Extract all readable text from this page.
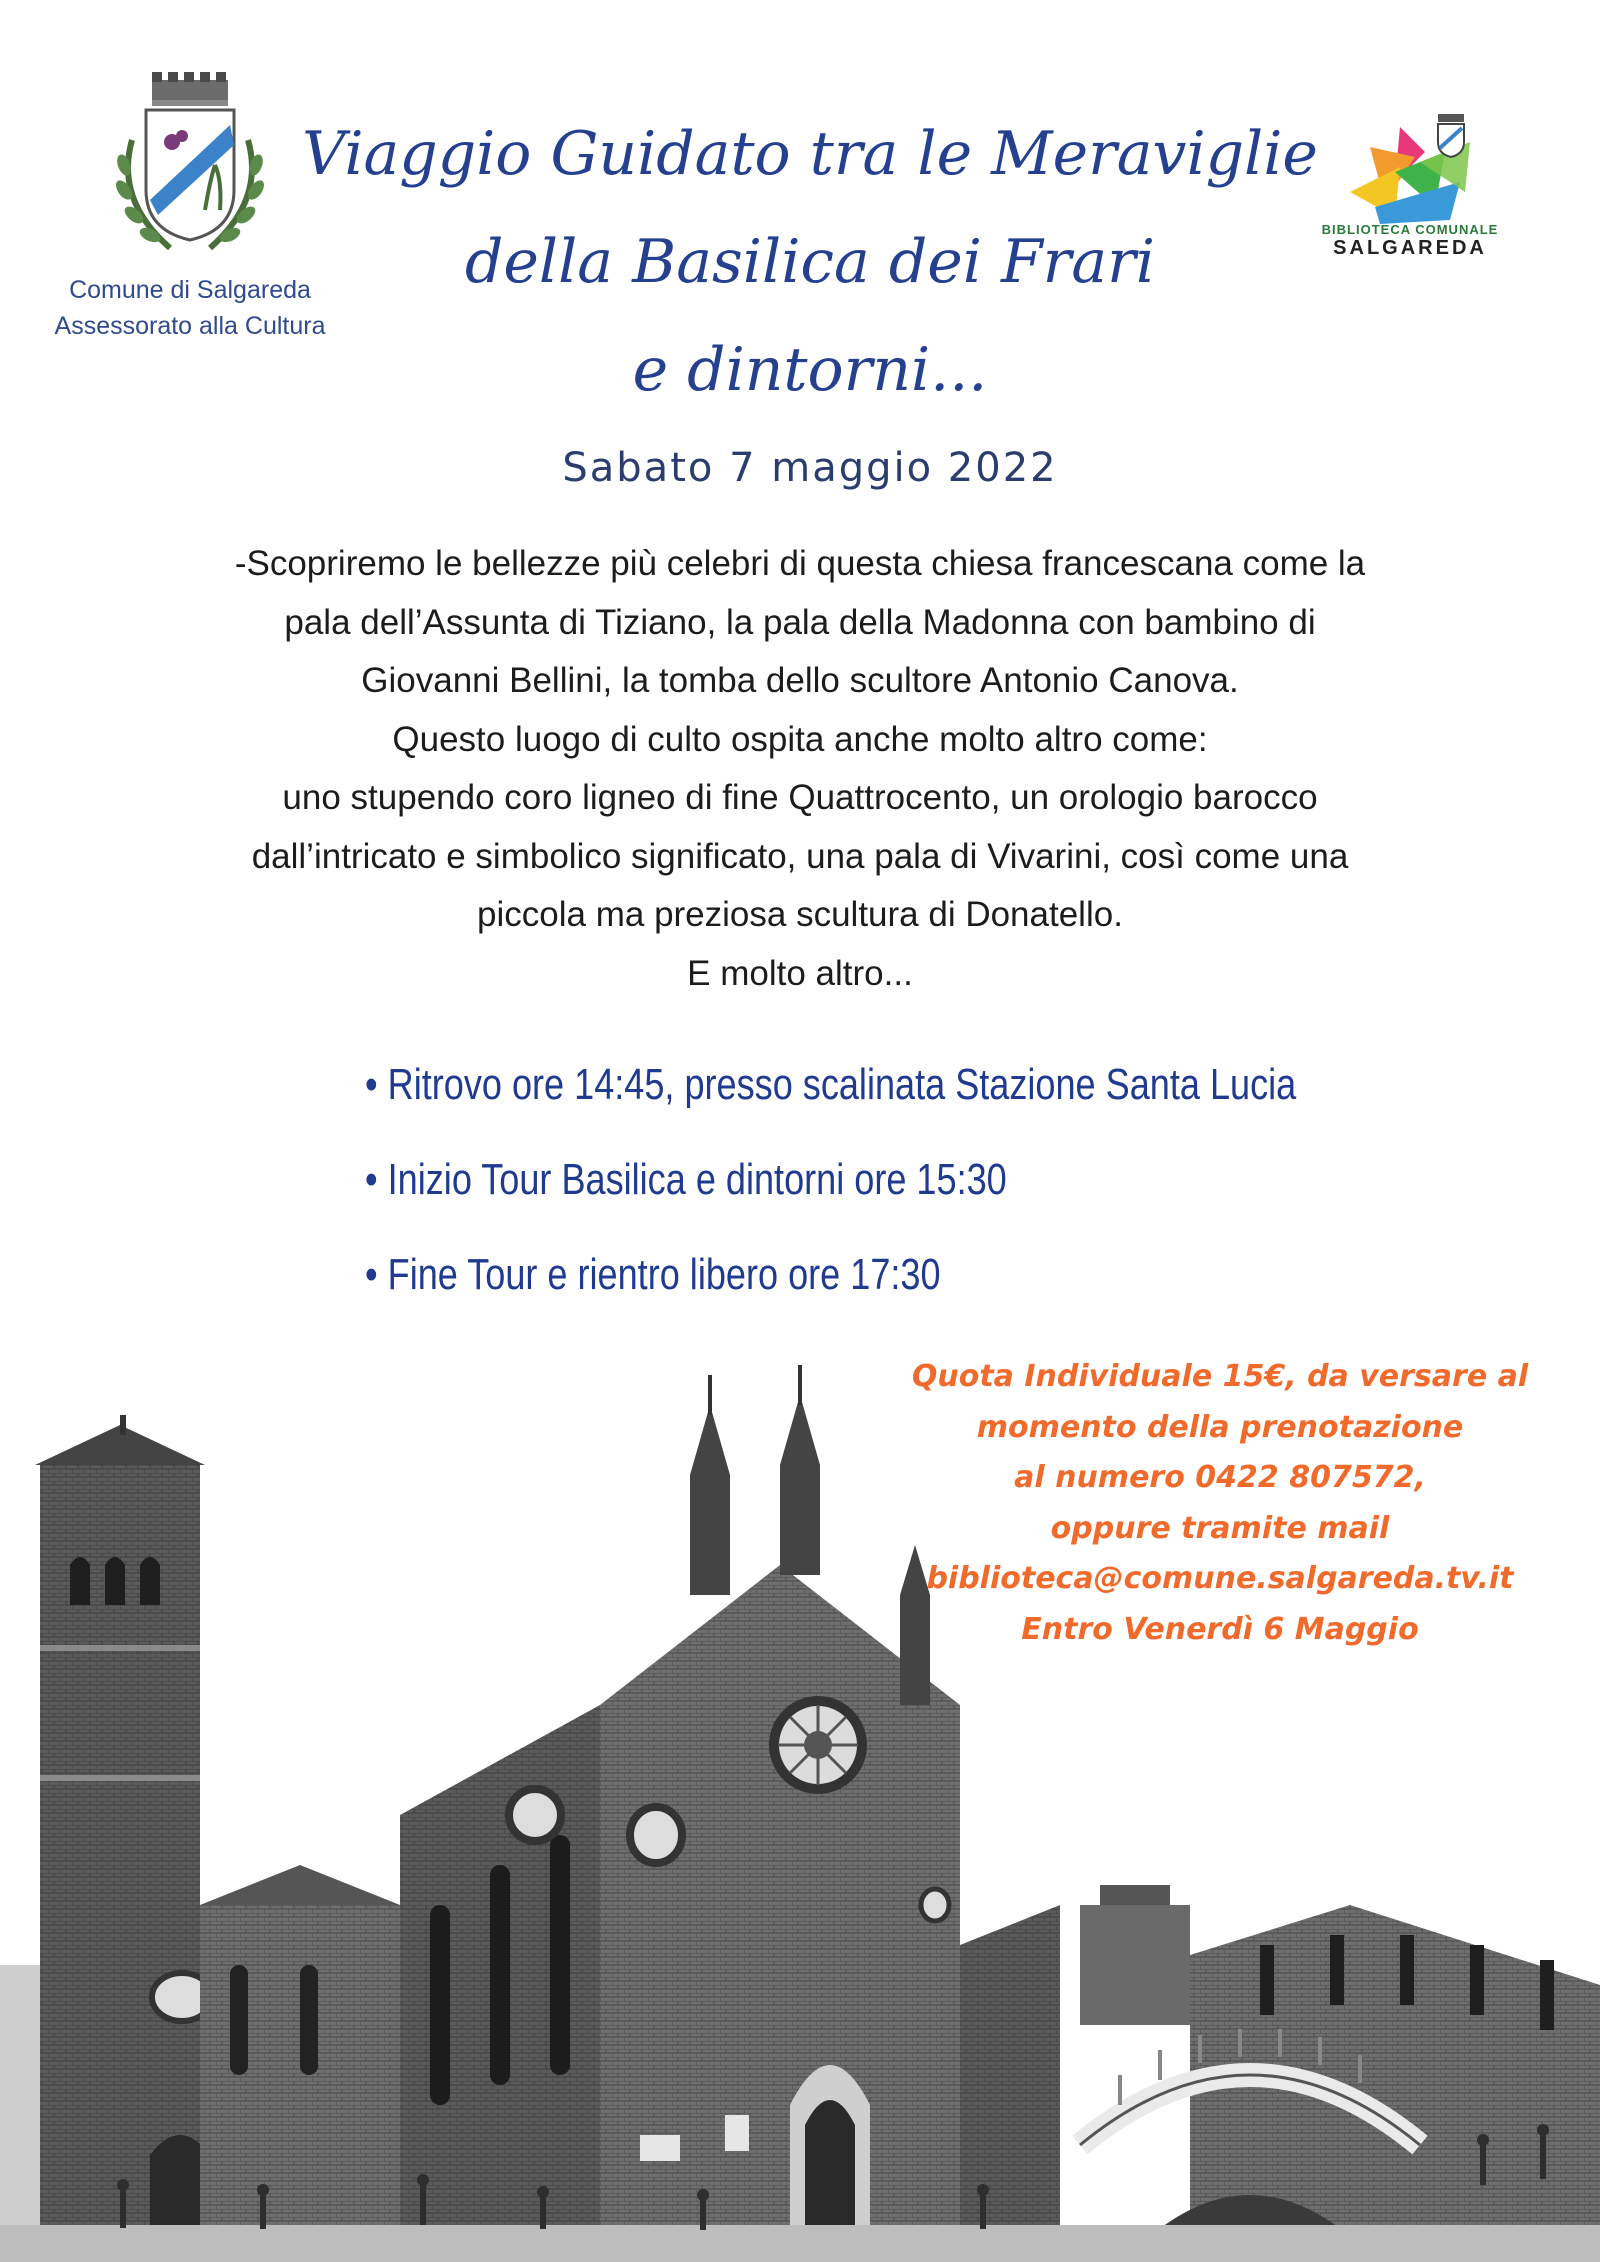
Comune di Salgareda
Assessorato alla Cultura
BIBLIOTECA COMUNALE
SALGAREDA
Viaggio Guidato tra le Meraviglie
della Basilica dei Frari
e dintorni...
Sabato 7 maggio 2022
-Scopriremo le bellezze più celebri di questa chiesa francescana come la
pala dell’Assunta di Tiziano, la pala della Madonna con bambino di
Giovanni Bellini, la tomba dello scultore Antonio Canova.
Questo luogo di culto ospita anche molto altro come:
uno stupendo coro ligneo di fine Quattrocento, un orologio barocco
dall’intricato e simbolico significato, una pala di Vivarini, così come una
piccola ma preziosa scultura di Donatello.
E molto altro...
• Ritrovo ore 14:45, presso scalinata Stazione Santa Lucia
• Inizio Tour Basilica e dintorni ore 15:30
• Fine Tour e rientro libero ore 17:30
Quota Individuale 15€, da versare al
momento della prenotazione
al numero 0422 807572,
oppure tramite mail
biblioteca@comune.salgareda.tv.it
Entro Venerdì 6 Maggio
